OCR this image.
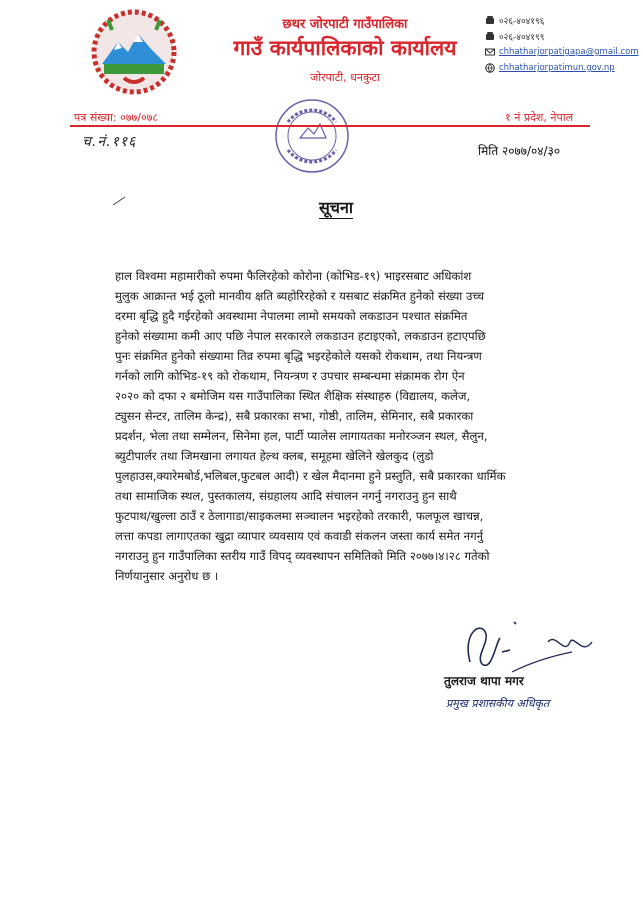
छथर जोरपाटी गाउँपालिका
गाउँ कार्यपालिकाको कार्यालय
जोरपाटी, धनकुटा
०२६-४०४१९६
०२६-४०४१९९
chhatharjorpatigapa@gmail.com
chhatharjorpatimun.gov.np
पत्र संख्या: ०७७/०७८	१ नं प्रदेश, नेपाल
च.नं.११६
मिति २०७७/०४/३०
सूचना
हाल विश्वमा महामारीको रुपमा फैलिरहेको कोरोना (कोभिड-१९) भाइरसबाट अधिकांश
मुलुक आक्रान्त भई ठूलो मानवीय क्षति ब्यहोरिरहेको र यसबाट संक्रमित हुनेको संख्या उच्च
दरमा बृद्धि हुदै गईरहेको अवस्थामा नेपालमा लामो समयको लकडाउन पश्चात संक्रमित
हुनेको संख्यामा कमी आए पछि नेपाल सरकारले लकडाउन हटाइएको, लकडाउन हटाएपछि
पुनः संक्रमित हुनेको संख्यामा तिव्र रुपमा बृद्धि भइरहेकोले यसको रोकथाम, तथा नियन्त्रण
गर्नको लागि कोभिड-१९ को रोकथाम, नियन्त्रण र उपचार सम्बन्धमा संक्रामक रोग ऐन
२०२० को दफा २ बमोजिम यस गाउँपालिका स्थित शैक्षिक संस्थाहरु (विद्यालय, कलेज,
ट्युसन सेन्टर, तालिम केन्द्र), सबै प्रकारका सभा, गोष्ठी, तालिम, सेमिनार, सबै प्रकारका
प्रदर्शन, भेला तथा सम्मेलन, सिनेमा हल, पार्टी प्यालेस लागायतका मनोरञ्जन स्थल, सैलुन,
ब्युटीपार्लर तथा जिमखाना लगायत हेल्थ क्लब, समूहमा खेलिने खेलकुद (लुडो
पुलहाउस,क्यारेमबोर्ड,भलिबल,फुटबल आदी) र खेल मैदानमा हुने प्रस्तुति, सबै प्रकारका धार्मिक
तथा सामाजिक स्थल, पुस्तकालय, संग्रहालय आदि संचालन नगर्नु नगराउनु हुन साथै
फुटपाथ/खुल्ला ठाउँ र ठेलागाडा/साइकलमा सञ्चालन भइरहेको तरकारी, फलफूल खाचन्न,
लत्ता कपडा लागाएतका खुद्रा व्यापार व्यवसाय एवं कवाडी संकलन जस्ता कार्य समेत नगर्नु
नगराउनु हुन गाउँपालिका स्तरीय गाउँ विपद् व्यवस्थापन समितिको मिति २०७७।४।२८ गतेको
निर्णयानुसार अनुरोध छ ।
तुलराज थापा मगर
प्रमुख प्रशासकीय अधिकृत
